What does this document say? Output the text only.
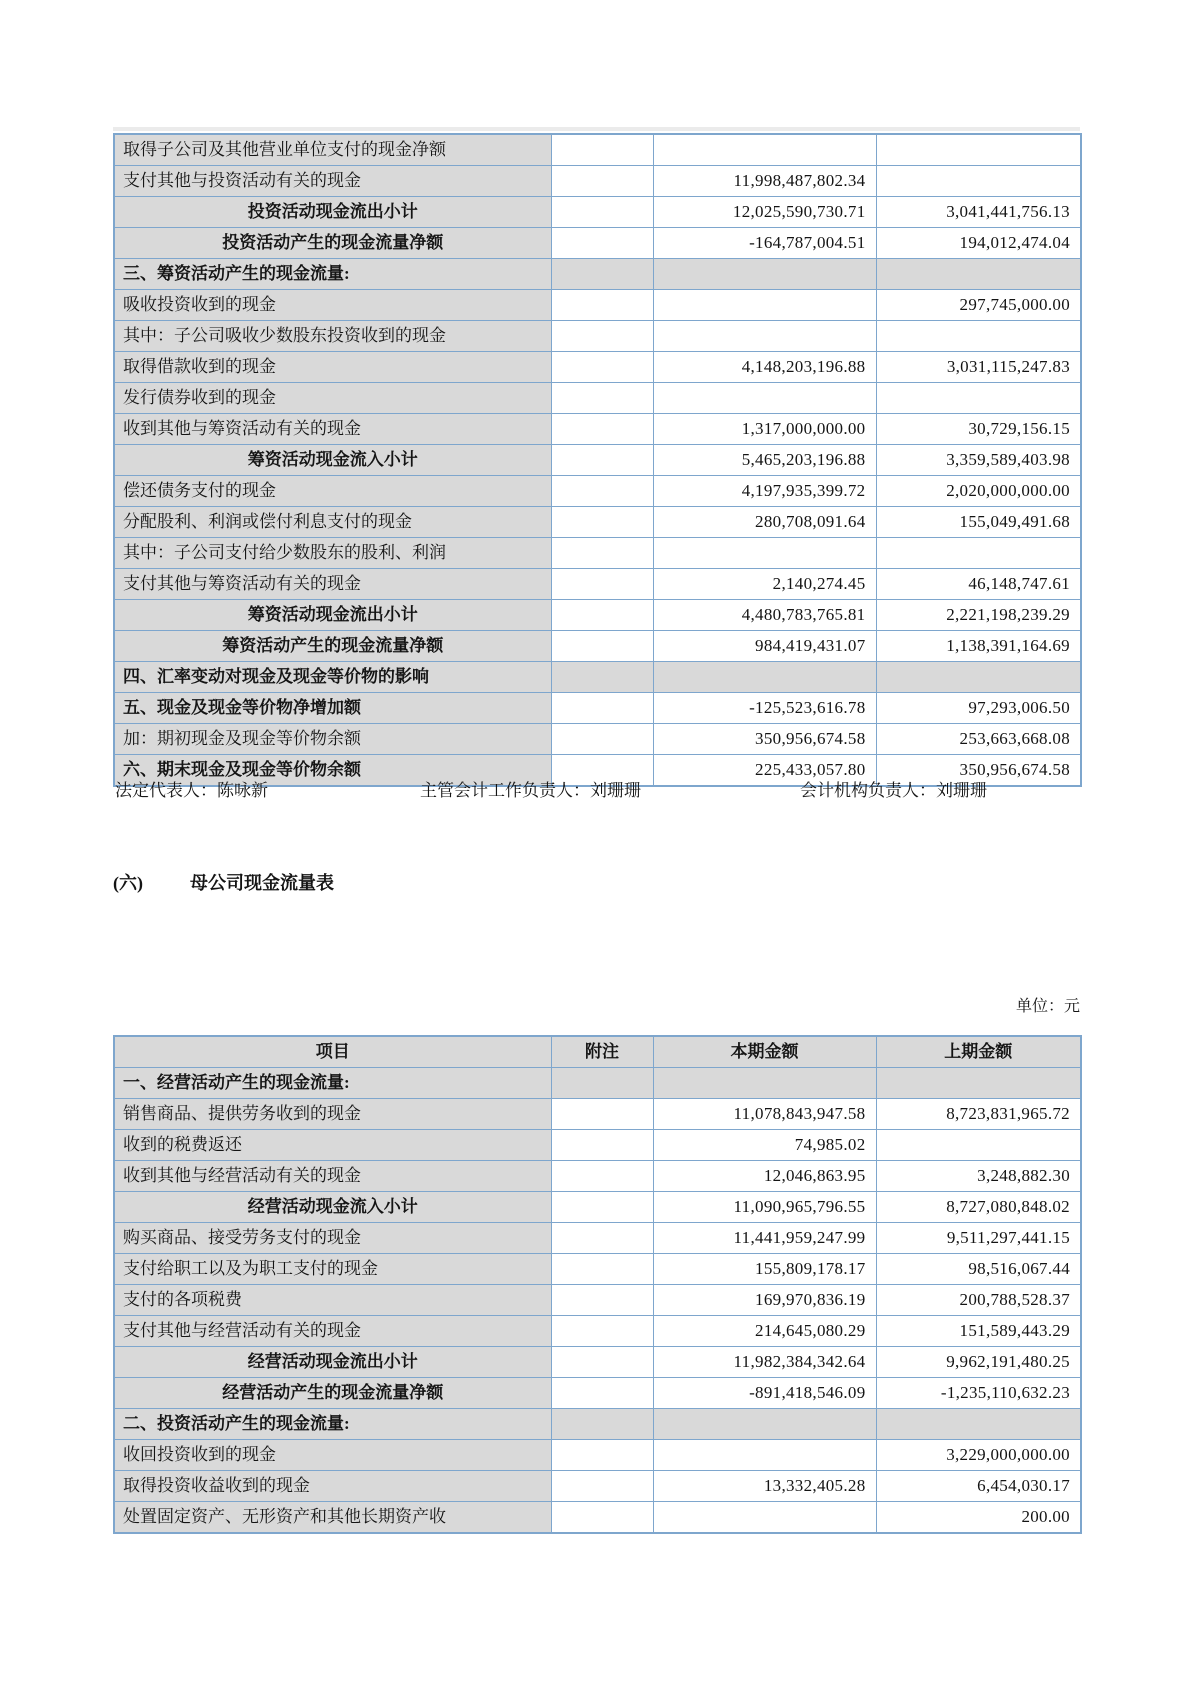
取得子公司及其他营业单位支付的现金净额			
支付其他与投资活动有关的现金		11,998,487,802.34	
投资活动现金流出小计		12,025,590,730.71	3,041,441,756.13
投资活动产生的现金流量净额		-164,787,004.51	194,012,474.04
三、筹资活动产生的现金流量:			
吸收投资收到的现金			297,745,000.00
其中：子公司吸收少数股东投资收到的现金			
取得借款收到的现金		4,148,203,196.88	3,031,115,247.83
发行债券收到的现金			
收到其他与筹资活动有关的现金		1,317,000,000.00	30,729,156.15
筹资活动现金流入小计		5,465,203,196.88	3,359,589,403.98
偿还债务支付的现金		4,197,935,399.72	2,020,000,000.00
分配股利、利润或偿付利息支付的现金		280,708,091.64	155,049,491.68
其中：子公司支付给少数股东的股利、利润			
支付其他与筹资活动有关的现金		2,140,274.45	46,148,747.61
筹资活动现金流出小计		4,480,783,765.81	2,221,198,239.29
筹资活动产生的现金流量净额		984,419,431.07	1,138,391,164.69
四、汇率变动对现金及现金等价物的影响			
五、现金及现金等价物净增加额		-125,523,616.78	97,293,006.50
加：期初现金及现金等价物余额		350,956,674.58	253,663,668.08
六、期末现金及现金等价物余额		225,433,057.80	350,956,674.58
法定代表人：陈咏新	主管会计工作负责人：刘珊珊	会计机构负责人：刘珊珊
(六)	母公司现金流量表
单位：元
项目	附注	本期金额	上期金额
一、经营活动产生的现金流量:			
销售商品、提供劳务收到的现金		11,078,843,947.58	8,723,831,965.72
收到的税费返还		74,985.02	
收到其他与经营活动有关的现金		12,046,863.95	3,248,882.30
经营活动现金流入小计		11,090,965,796.55	8,727,080,848.02
购买商品、接受劳务支付的现金		11,441,959,247.99	9,511,297,441.15
支付给职工以及为职工支付的现金		155,809,178.17	98,516,067.44
支付的各项税费		169,970,836.19	200,788,528.37
支付其他与经营活动有关的现金		214,645,080.29	151,589,443.29
经营活动现金流出小计		11,982,384,342.64	9,962,191,480.25
经营活动产生的现金流量净额		-891,418,546.09	-1,235,110,632.23
二、投资活动产生的现金流量:			
收回投资收到的现金			3,229,000,000.00
取得投资收益收到的现金		13,332,405.28	6,454,030.17
处置固定资产、无形资产和其他长期资产收			200.00
